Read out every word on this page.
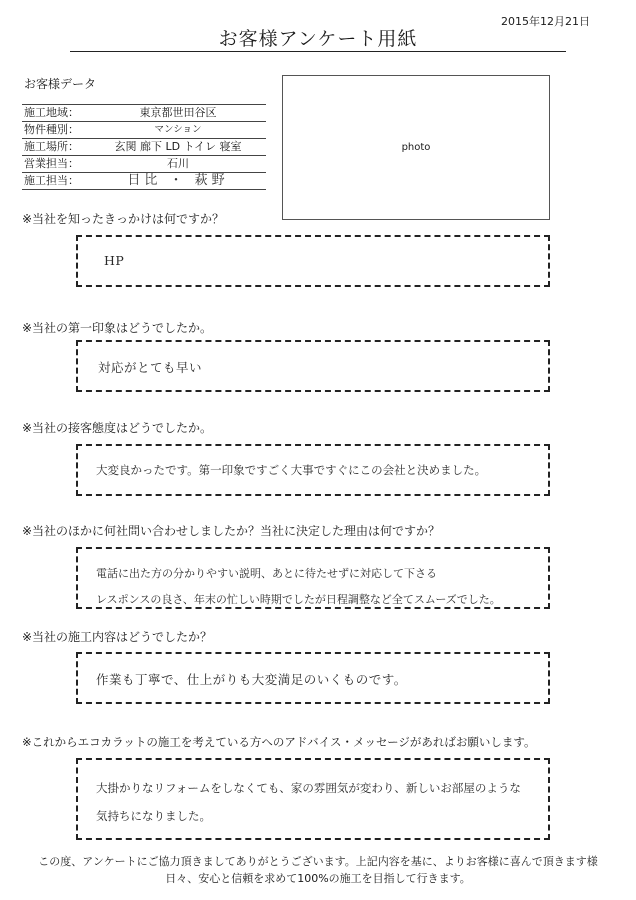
2015年12月21日
お客様アンケート用紙
お客様データ
施工地域：	東京都世田谷区
物件種別：	マンション
施工場所：	玄関 廊下 LD トイレ 寝室
営業担当：	石川
施工担当：	日比 ・ 萩野
photo
※当社を知ったきっかけは何ですか？
HP
※当社の第一印象はどうでしたか。
対応がとても早い
※当社の接客態度はどうでしたか。
大変良かったです。第一印象ですごく大事ですぐにこの会社と決めました。
※当社のほかに何社問い合わせしましたか？当社に決定した理由は何ですか？
電話に出た方の分かりやすい説明、あとに待たせずに対応して下さる
レスポンスの良さ、年末の忙しい時期でしたが日程調整など全てスムーズでした。
※当社の施工内容はどうでしたか？
作業も丁寧で、仕上がりも大変満足のいくものです。
※これからエコカラットの施工を考えている方へのアドバイス・メッセージがあればお願いします。
大掛かりなリフォームをしなくても、家の雰囲気が変わり、新しいお部屋のような
気持ちになりました。
この度、アンケートにご協力頂きましてありがとうございます。上記内容を基に、よりお客様に喜んで頂きます様
日々、安心と信頼を求めて100%の施工を目指して行きます。
